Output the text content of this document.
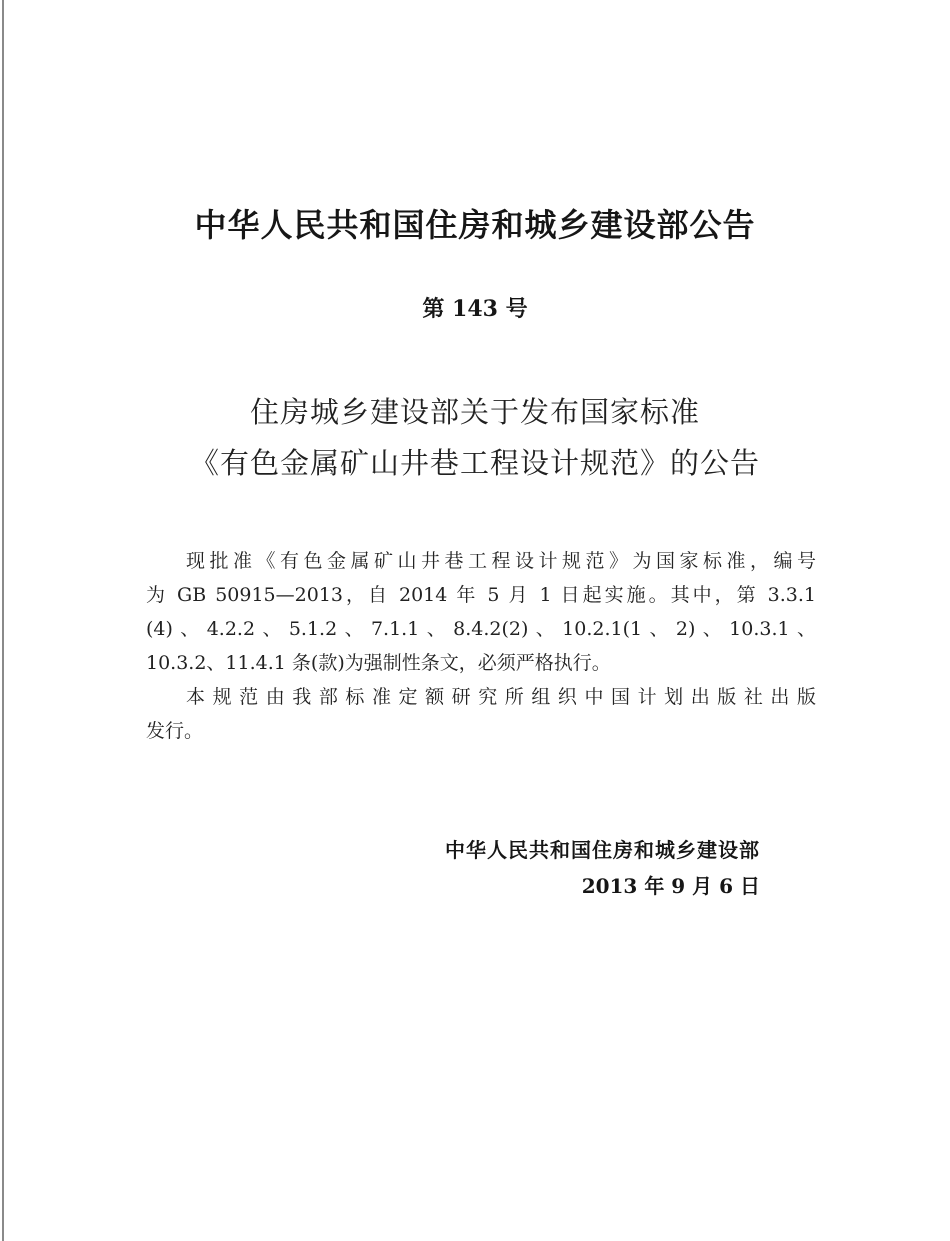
中华人民共和国住房和城乡建设部公告
第 143 号
住房城乡建设部关于发布国家标准
《有色金属矿山井巷工程设计规范》的公告

现批准《有色金属矿山井巷工程设计规范》为国家标准，编号
为 GB 50915—2013，自 2014 年 5 月 1 日起实施。其中，第 3.3.1
(4)、4.2.2、5.1.2、7.1.1、8.4.2(2)、10.2.1(1、2)、10.3.1、
10.3.2、11.4.1 条(款)为强制性条文，必须严格执行。

本规范由我部标准定额研究所组织中国计划出版社出版
发行。

中华人民共和国住房和城乡建设部
2013 年 9 月 6 日
